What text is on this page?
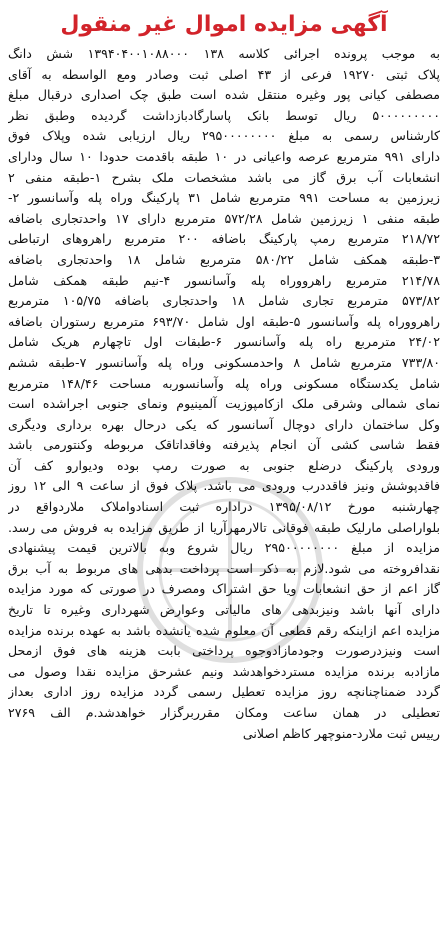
آگهی مزایده اموال غیر منقول
به موجب پرونده اجرائی کلاسه ۱۳۸ ۱۳۹۴۰۴۰۰۱۰۸۸۰۰۰ شش دانگ
پلاک ثبتی ۱۹۲۷۰ فرعی از ۴۳ اصلی ثبت وصادر ومع الواسطه به آقای
مصطفی کیانی پور وغیره منتقل شده است طبق چک اصداری درقبال مبلغ
۵۰۰۰۰۰۰۰۰۰ ریال توسط بانک پاسارگادبازداشت گردیده وطبق نظر
کارشناس رسمی به مبلغ ۲۹۵۰۰۰۰۰۰۰۰ ریال ارزیابی شده وپلاک فوق
دارای ۹۹۱ مترمربع عرصه واعیانی در ۱۰ طبقه باقدمت حدودا ۱۰ سال ودارای
انشعابات آب برق گاز می باشد مشخصات ملک بشرح ۱-طبقه منفی ۲
زیرزمین به مساحت ۹۹۱ مترمربع شامل ۳۱ پارکینگ وراه پله وآسانسور ۲-
طبقه منفی ۱ زیرزمین شامل ۵۷۲/۲۸ مترمربع دارای ۱۷ واحدتجاری باضافه
۲۱۸/۷۲ مترمربع رمپ پارکینگ باضافه ۲۰۰ مترمربع راهروهای ارتباطی
۳-طبقه همکف شامل ۵۸۰/۲۲ مترمربع شامل ۱۸ واحدتجاری باضافه
۲۱۴/۷۸ مترمربع راهرووراه پله وآسانسور ۴-نیم طبقه همکف شامل
۵۷۳/۸۲ مترمربع تجاری شامل ۱۸ واحدتجاری باضافه ۱۰۵/۷۵ مترمربع
راهرووراه پله وآسانسور ۵-طبقه اول شامل ۶۹۳/۷۰ مترمربع رستوران باضافه
۲۴/۰۲ مترمربع راه پله وآسانسور ۶-طبقات اول تاچهارم هریک شامل
۷۳۳/۸۰ مترمربع شامل ۸ واحدمسکونی وراه پله وآسانسور ۷-طبقه ششم
شامل یکدستگاه مسکونی وراه پله وآسانسوربه مساحت ۱۴۸/۴۶ مترمربع
نمای شمالی وشرقی ملک ازکامپوزیت آلمینیوم ونمای جنوبی اجراشده است
وکل ساختمان دارای دوچال آسانسور که یکی درحال بهره برداری ودیگری
فقط شاسی کشی آن انجام پذیرفته وفاقداتاقک مربوطه وکنتورمی باشد
ورودی پارکینگ درضلع جنوبی به صورت رمپ بوده ودیوارو کف آن
فاقدپوشش ونیز فاقددرب ورودی می باشد. پلاک فوق از ساعت ۹ الی ۱۲ روز
چهارشنبه مورخ ۱۳۹۵/۰۸/۱۲ دراداره ثبت اسنادواملاک ملاردواقع در
بلواراصلی مارلیک طبقه فوقانی تالارمهرآریا از طریق مزایده به فروش می رسد.
مزایده از مبلغ ۲۹۵۰۰۰۰۰۰۰۰ ریال شروع وبه بالاترین قیمت پیشنهادی
نقدافروخته می شود.لازم به ذکر است پرداخت بدهی های مربوط به آب برق
گاز اعم از حق انشعابات ویا حق اشتراک ومصرف در صورتی که مورد مزایده
دارای آنها باشد ونیزبدهی های مالیاتی وعوارض شهرداری وغیره تا تاریخ
مزایده اعم ازاینکه رقم قطعی آن معلوم شده یانشده باشد به عهده برنده مزایده
است ونیزدرصورت وجودمازادوجوه پرداختی بابت هزینه های فوق ازمحل
مازادبه برنده مزایده مستردخواهدشد ونیم عشرحق مزایده نقدا وصول می
گردد ضمناچنانچه روز مزایده تعطیل رسمی گردد مزایده روز اداری بعداز
تعطیلی در همان ساعت ومکان مقرربرگزار خواهدشد.م الف ۲۷۶۹
رییس ثبت ملارد-منوچهر کاظم اصلانی
